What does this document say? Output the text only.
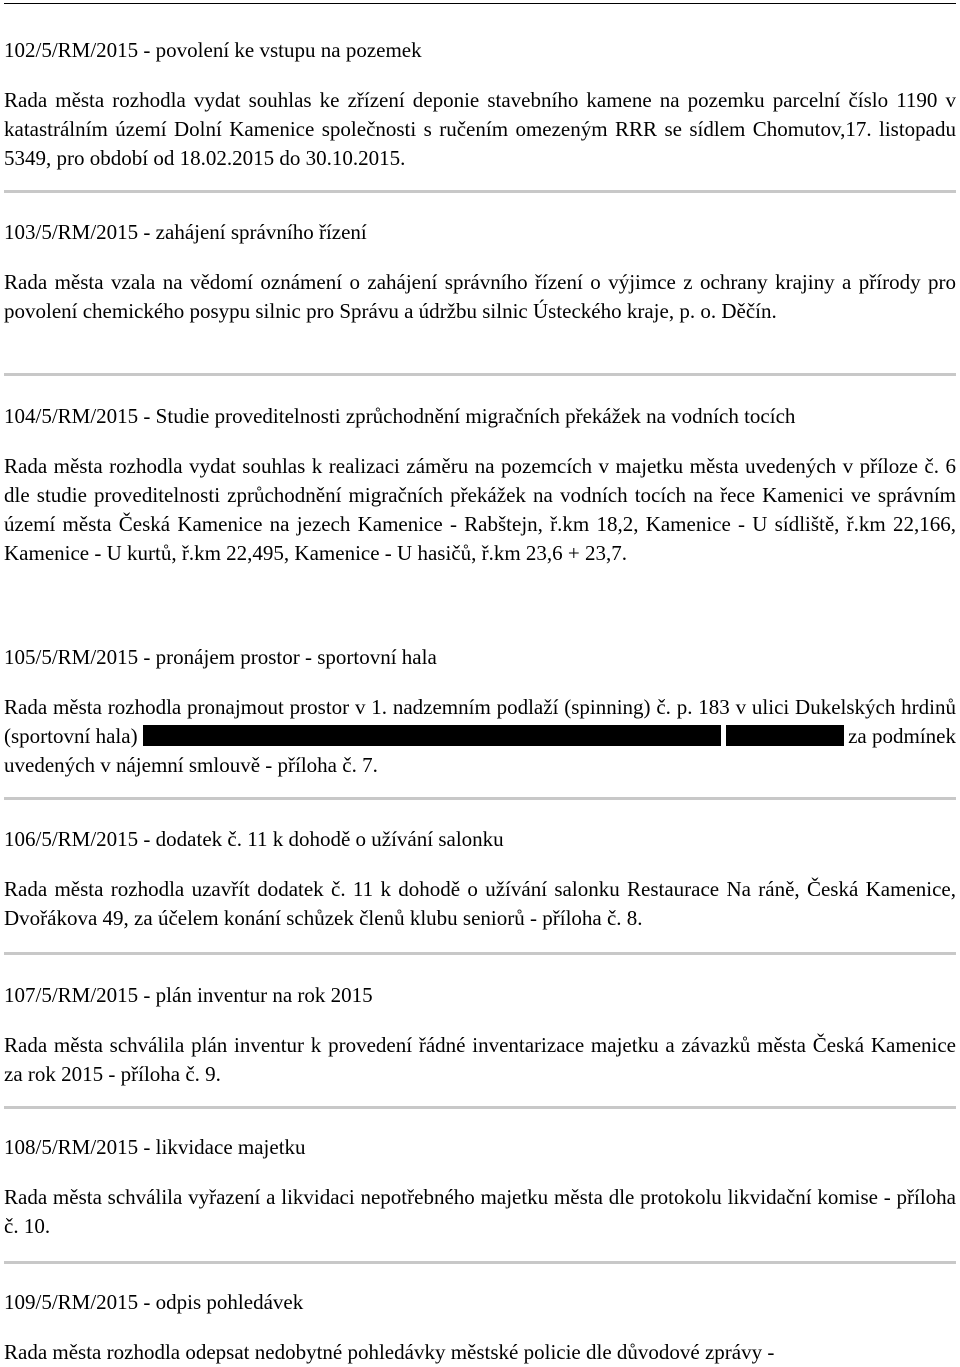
102/5/RM/2015 - povolení ke vstupu na pozemek

Rada města rozhodla vydat souhlas ke zřízení deponie stavebního kamene na pozemku parcelní číslo 1190 v katastrálním území Dolní Kamenice společnosti s ručením omezeným RRR se sídlem Chomutov,17. listopadu 5349, pro období od 18.02.2015 do 30.10.2015.

103/5/RM/2015 - zahájení správního řízení

Rada města vzala na vědomí oznámení o zahájení správního řízení o výjimce z ochrany krajiny a přírody pro povolení chemického posypu silnic pro Správu a údržbu silnic Ústeckého kraje, p. o. Děčín.

104/5/RM/2015 - Studie proveditelnosti zprůchodnění migračních překážek na vodních tocích

Rada města rozhodla vydat souhlas k realizaci záměru na pozemcích v majetku města uvedených v příloze č. 6 dle studie proveditelnosti zprůchodnění migračních překážek na vodních tocích na řece Kamenici ve správním území města Česká Kamenice na jezech Kamenice - Rabštejn, ř.km 18,2, Kamenice - U sídliště, ř.km 22,166, Kamenice - U kurtů, ř.km 22,495, Kamenice - U hasičů, ř.km 23,6 + 23,7.

105/5/RM/2015 - pronájem prostor - sportovní hala

Rada města rozhodla pronajmout prostor v 1. nadzemním podlaží (spinning) č. p. 183 v ulici Dukelských hrdinů (sportovní hala)	za podmínek uvedených v nájemní smlouvě - příloha č. 7.

106/5/RM/2015 - dodatek č. 11 k dohodě o užívání salonku

Rada města rozhodla uzavřít dodatek č. 11 k dohodě o užívání salonku Restaurace Na ráně, Česká Kamenice, Dvořákova 49, za účelem konání schůzek členů klubu seniorů - příloha č. 8.

107/5/RM/2015 - plán inventur na rok 2015

Rada města schválila plán inventur k provedení řádné inventarizace majetku a závazků města Česká Kamenice za rok 2015 - příloha č. 9.

108/5/RM/2015 - likvidace majetku

Rada města schválila vyřazení a likvidaci nepotřebného majetku města dle protokolu likvidační komise - příloha č. 10.

109/5/RM/2015 - odpis pohledávek

Rada města rozhodla odepsat nedobytné pohledávky městské policie dle důvodové zprávy -
